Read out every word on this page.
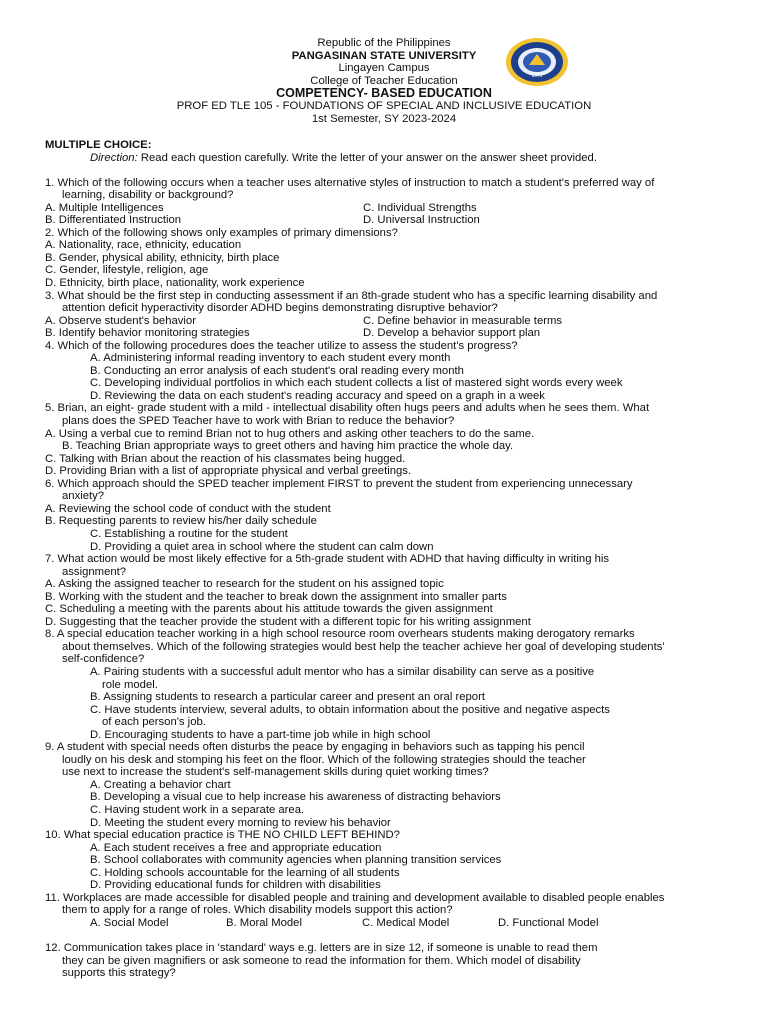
Republic of the Philippines
PANGASINAN STATE UNIVERSITY
Lingayen Campus
College of Teacher Education
COMPETENCY- BASED EDUCATION
PROF ED TLE 105 - FOUNDATIONS OF SPECIAL AND INCLUSIVE EDUCATION
1st Semester, SY 2023-2024
1979
MULTIPLE CHOICE:
Direction: Read each question carefully. Write the letter of your answer on the answer sheet provided.
1. Which of the following occurs when a teacher uses alternative styles of instruction to match a student's preferred way of
learning, disability or background?
A. Multiple Intelligences	C. Individual Strengths
B. Differentiated Instruction	D. Universal Instruction
2. Which of the following shows only examples of primary dimensions?
A. Nationality, race, ethnicity, education
B. Gender, physical ability, ethnicity, birth place
C. Gender, lifestyle, religion, age
D. Ethnicity, birth place, nationality, work experience
3. What should be the first step in conducting assessment if an 8th-grade student who has a specific learning disability and
attention deficit hyperactivity disorder ADHD begins demonstrating disruptive behavior?
A. Observe student's behavior	C. Define behavior in measurable terms
B. Identify behavior monitoring strategies	D. Develop a behavior support plan
4. Which of the following procedures does the teacher utilize to assess the student's progress?
A. Administering informal reading inventory to each student every month
B. Conducting an error analysis of each student's oral reading every month
C. Developing individual portfolios in which each student collects a list of mastered sight words every week
D. Reviewing the data on each student's reading accuracy and speed on a graph in a week
5. Brian, an eight- grade student with a mild - intellectual disability often hugs peers and adults when he sees them. What
plans does the SPED Teacher have to work with Brian to reduce the behavior?
A. Using a verbal cue to remind Brian not to hug others and asking other teachers to do the same.
B. Teaching Brian appropriate ways to greet others and having him practice the whole day.
C. Talking with Brian about the reaction of his classmates being hugged.
D. Providing Brian with a list of appropriate physical and verbal greetings.
6. Which approach should the SPED teacher implement FIRST to prevent the student from experiencing unnecessary
anxiety?
A. Reviewing the school code of conduct with the student
B. Requesting parents to review his/her daily schedule
C. Establishing a routine for the student
D. Providing a quiet area in school where the student can calm down
7. What action would be most likely effective for a 5th-grade student with ADHD that having difficulty in writing his
assignment?
A. Asking the assigned teacher to research for the student on his assigned topic
B. Working with the student and the teacher to break down the assignment into smaller parts
C. Scheduling a meeting with the parents about his attitude towards the given assignment
D. Suggesting that the teacher provide the student with a different topic for his writing assignment
8. A special education teacher working in a high school resource room overhears students making derogatory remarks
about themselves. Which of the following strategies would best help the teacher achieve her goal of developing students'
self-confidence?
A. Pairing students with a successful adult mentor who has a similar disability can serve as a positive
role model.
B. Assigning students to research a particular career and present an oral report
C. Have students interview, several adults, to obtain information about the positive and negative aspects
of each person's job.
D. Encouraging students to have a part-time job while in high school
9. A student with special needs often disturbs the peace by engaging in behaviors such as tapping his pencil
loudly on his desk and stomping his feet on the floor. Which of the following strategies should the teacher
use next to increase the student's self-management skills during quiet working times?
A. Creating a behavior chart
B. Developing a visual cue to help increase his awareness of distracting behaviors
C. Having student work in a separate area.
D. Meeting the student every morning to review his behavior
10. What special education practice is THE NO CHILD LEFT BEHIND?
A. Each student receives a free and appropriate education
B. School collaborates with community agencies when planning transition services
C. Holding schools accountable for the learning of all students
D. Providing educational funds for children with disabilities
11. Workplaces are made accessible for disabled people and training and development available to disabled people enables
them to apply for a range of roles. Which disability models support this action?
A. Social Model	B. Moral Model	C. Medical Model	D. Functional Model
12. Communication takes place in 'standard' ways e.g. letters are in size 12, if someone is unable to read them
they can be given magnifiers or ask someone to read the information for them. Which model of disability
supports this strategy?
